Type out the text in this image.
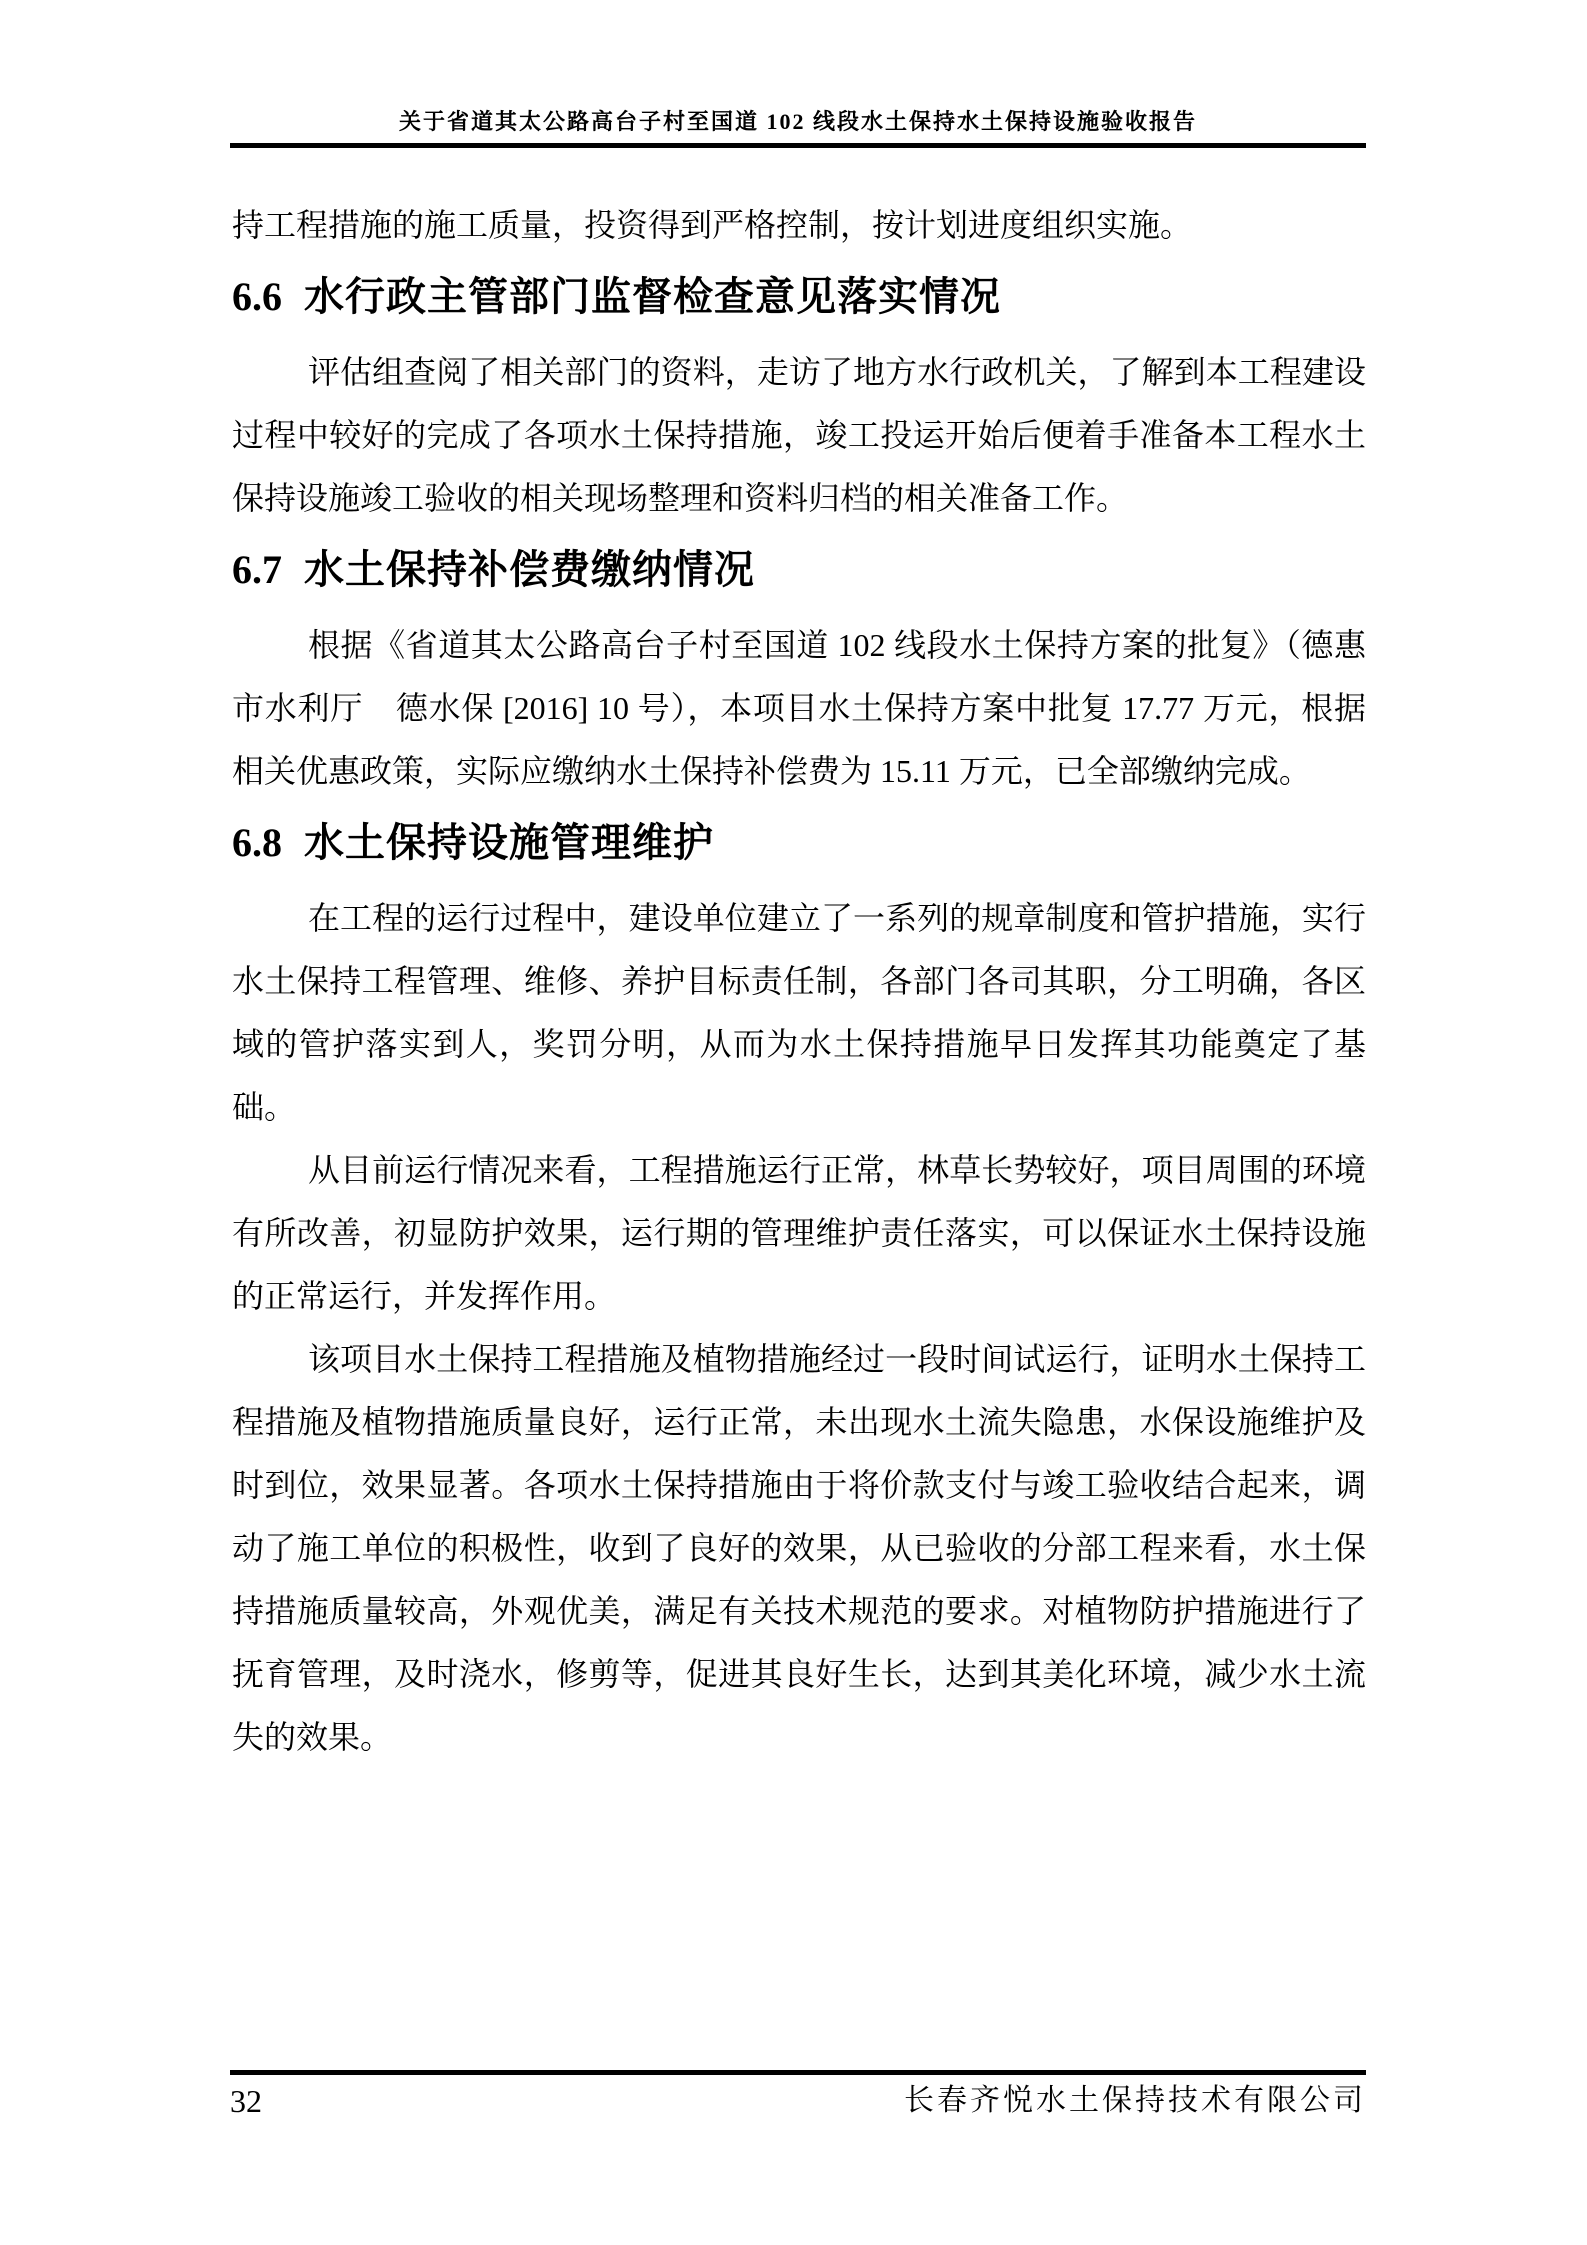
关于省道其太公路高台子村至国道 102 线段水土保持水土保持设施验收报告

持工程措施的施工质量，投资得到严格控制，按计划进度组织实施。

6.6 水行政主管部门监督检查意见落实情况

评估组查阅了相关部门的资料，走访了地方水行政机关，了解到本工程建设过程中较好的完成了各项水土保持措施，竣工投运开始后便着手准备本工程水土保持设施竣工验收的相关现场整理和资料归档的相关准备工作。

6.7 水土保持补偿费缴纳情况

根据《省道其太公路高台子村至国道 102 线段水土保持方案的批复》（德惠市水利厅　德水保 [2016] 10 号），本项目水土保持方案中批复 17.77 万元，根据相关优惠政策，实际应缴纳水土保持补偿费为 15.11 万元，已全部缴纳完成。

6.8 水土保持设施管理维护

在工程的运行过程中，建设单位建立了一系列的规章制度和管护措施，实行水土保持工程管理、维修、养护目标责任制，各部门各司其职，分工明确，各区域的管护落实到人，奖罚分明，从而为水土保持措施早日发挥其功能奠定了基础。

从目前运行情况来看，工程措施运行正常，林草长势较好，项目周围的环境有所改善，初显防护效果，运行期的管理维护责任落实，可以保证水土保持设施的正常运行，并发挥作用。

该项目水土保持工程措施及植物措施经过一段时间试运行，证明水土保持工程措施及植物措施质量良好，运行正常，未出现水土流失隐患，水保设施维护及时到位，效果显著。各项水土保持措施由于将价款支付与竣工验收结合起来，调动了施工单位的积极性，收到了良好的效果，从已验收的分部工程来看，水土保持措施质量较高，外观优美，满足有关技术规范的要求。对植物防护措施进行了抚育管理，及时浇水，修剪等，促进其良好生长，达到其美化环境，减少水土流失的效果。

32	长春齐悦水土保持技术有限公司
